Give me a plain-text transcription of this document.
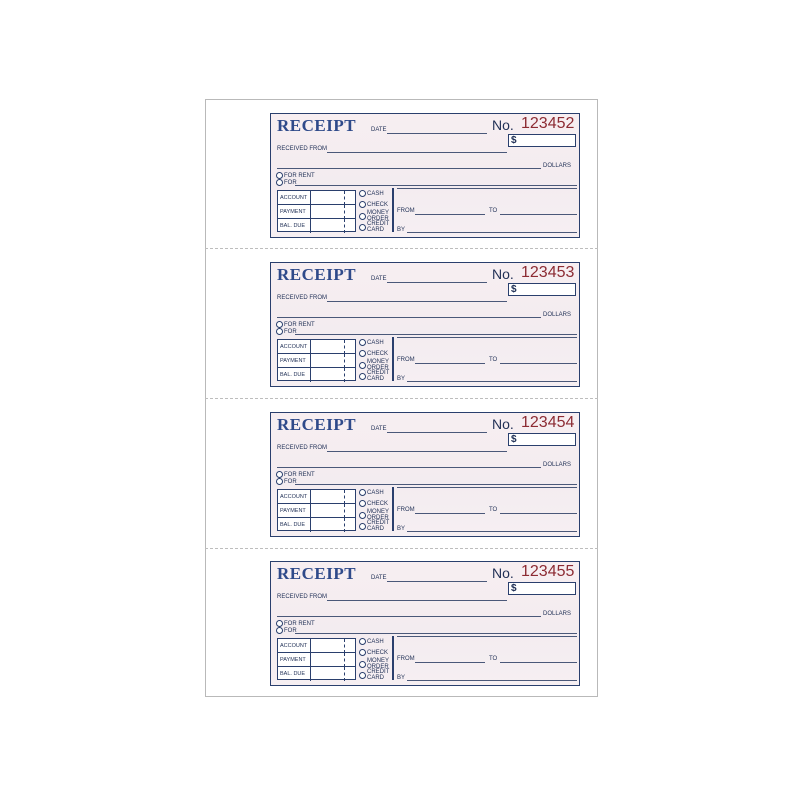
RECEIPT DATE	No. 123452
$
RECEIVED FROM
DOLLARS
FOR RENT
FOR
ACCOUNT
PAYMENT
BAL. DUE
CASH
CHECK
MONEY ORDER
CREDIT CARD
FROM	TO
BY
RECEIPT DATE	No. 123453
$
RECEIVED FROM
DOLLARS
FOR RENT
FOR
ACCOUNT
PAYMENT
BAL. DUE
CASH
CHECK
MONEY ORDER
CREDIT CARD
FROM	TO
BY
RECEIPT DATE	No. 123454
$
RECEIVED FROM
DOLLARS
FOR RENT
FOR
ACCOUNT
PAYMENT
BAL. DUE
CASH
CHECK
MONEY ORDER
CREDIT CARD
FROM	TO
BY
RECEIPT DATE	No. 123455
$
RECEIVED FROM
DOLLARS
FOR RENT
FOR
ACCOUNT
PAYMENT
BAL. DUE
CASH
CHECK
MONEY ORDER
CREDIT CARD
FROM	TO
BY
